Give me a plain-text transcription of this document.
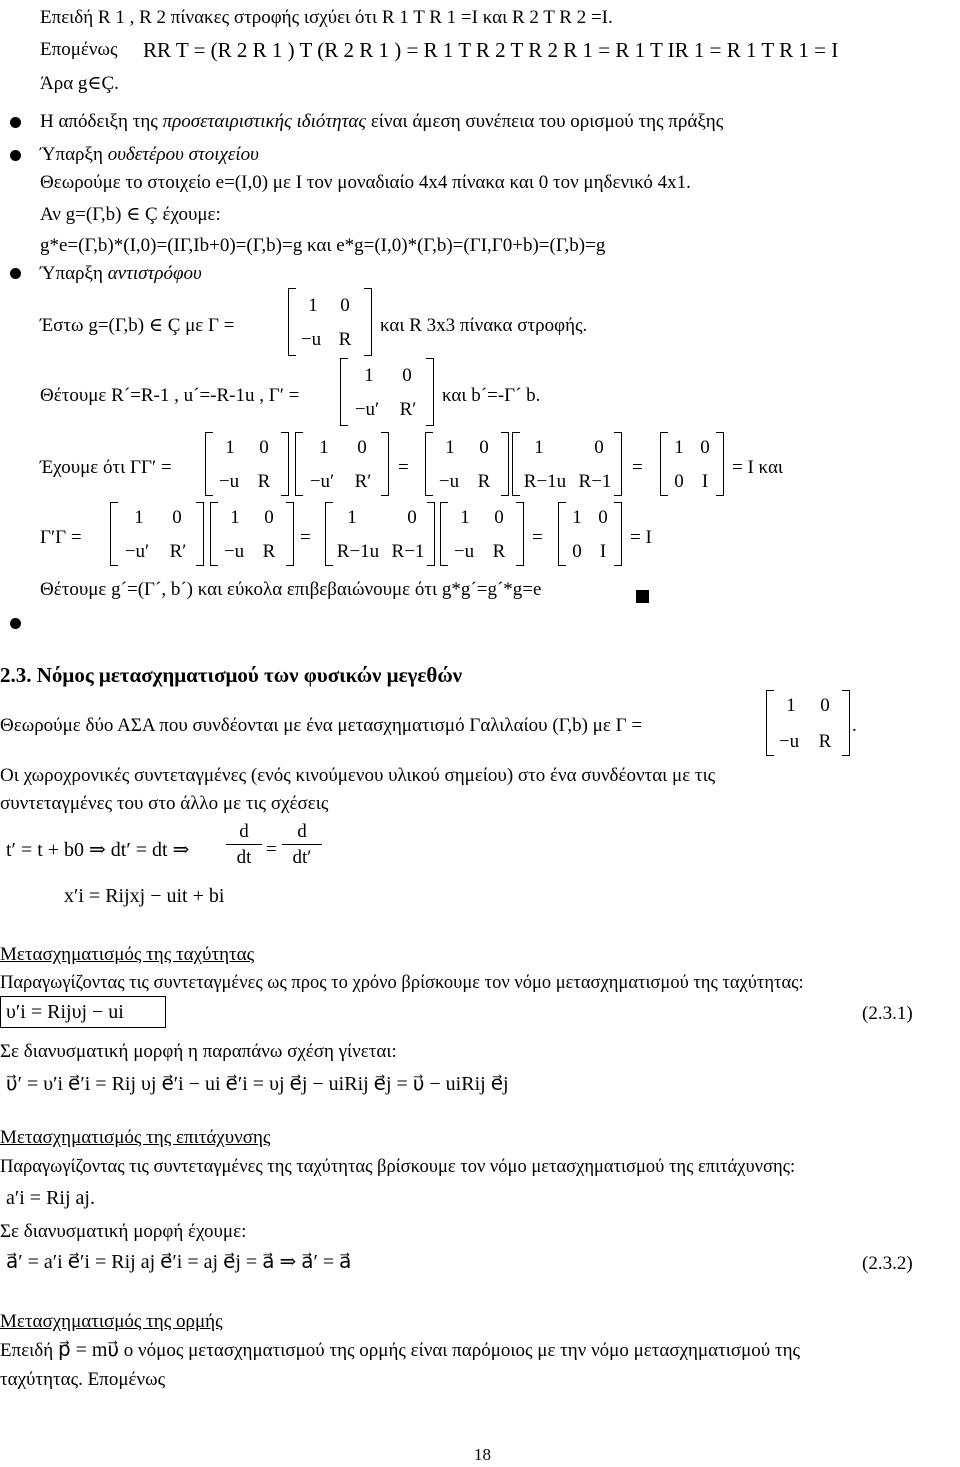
Επειδή R 1 , R 2 πίνακες στροφής ισχύει ότι R 1 T R 1 =I και R 2 T R 2 =I.
Επομένως RR T = (R 2 R 1 ) T (R 2 R 1 ) = R 1 T R 2 T R 2 R 1 = R 1 T IR 1 = R 1 T R 1 = I
Άρα g∈Ç.
Η απόδειξη της προσεταιριστικής ιδιότητας είναι άμεση συνέπεια του ορισμού της πράξης
Ύπαρξη ουδετέρου στοιχείου
Θεωρούμε το στοιχείο e=(I,0) με Ι τον μοναδιαίο 4x4 πίνακα και 0 τον μηδενικό 4x1.
Αν g=(Γ,b) ∈ Ç έχουμε:
g*e=(Γ,b)*(I,0)=(IΓ,Ib+0)=(Γ,b)=g και e*g=(I,0)*(Γ,b)=(ΓI,Γ0+b)=(Γ,b)=g
Ύπαρξη αντιστρόφου
Έστω g=(Γ,b) ∈ Ç με Γ =
1 0
−u R
και R 3x3 πίνακα στροφής.
Θέτουμε R´=R-1 , u´=-R-1u , Γ′ =
1 0
−u′	R′
και b´=-Γ´ b.
Έχουμε ότι ΓΓ′ =
1 0
−u R
1 0
−u′	R′
=
1 0
−u R
1	0
R−1u R−1
=
1 0
0 I
= I και
Γ′Γ =
1 0
−u′	R′
1 0
−u R
=
1	0
R−1u R−1
1 0
−u R
=
1 0
0 I
= I
Θέτουμε g´=(Γ´, b´) και εύκολα επιβεβαιώνουμε ότι g*g´=g´*g=e
2.3. Νόμος μετασχηματισμού των φυσικών μεγεθών
Θεωρούμε δύο ΑΣΑ που συνδέονται με ένα μετασχηματισμό Γαλιλαίου (Γ,b) με Γ =
1 0
−u	R
.
Οι χωροχρονικές συντεταγμένες (ενός κινούμενου υλικού σημείου) στο ένα συνδέονται με τις
συντεταγμένες του στο άλλο με τις σχέσεις
t′ = t + b0 ⇒ dt′ = dt ⇒
d
dt =
d
dt′
x′i = Rijxj − uit + bi
Μετασχηματισμός της ταχύτητας
Παραγωγίζοντας τις συντεταγμένες ως προς το χρόνο βρίσκουμε τον νόμο μετασχηματισμού της ταχύτητας:
υ′i = Rijυj − ui	(2.3.1)
Σε διανυσματική μορφή η παραπάνω σχέση γίνεται:
υ⃗′ = υ′i e⃗′i = Rij υj e⃗′i − ui e⃗′i = υj e⃗j − uiRij e⃗j = υ⃗ − uiRij e⃗j
Μετασχηματισμός της επιτάχυνσης
Παραγωγίζοντας τις συντεταγμένες της ταχύτητας βρίσκουμε τον νόμο μετασχηματισμού της επιτάχυνσης:
a′i = Rij aj.
Σε διανυσματική μορφή έχουμε:
a⃗′ = a′i e⃗′i = Rij aj e⃗′i = aj e⃗j = a⃗ ⇒ a⃗′ = a⃗	(2.3.2)
Μετασχηματισμός της ορμής
Επειδή p⃗ = mυ⃗ ο νόμος μετασχηματισμού της ορμής είναι παρόμοιος με την νόμο μετασχηματισμού της
ταχύτητας. Επομένως
18
